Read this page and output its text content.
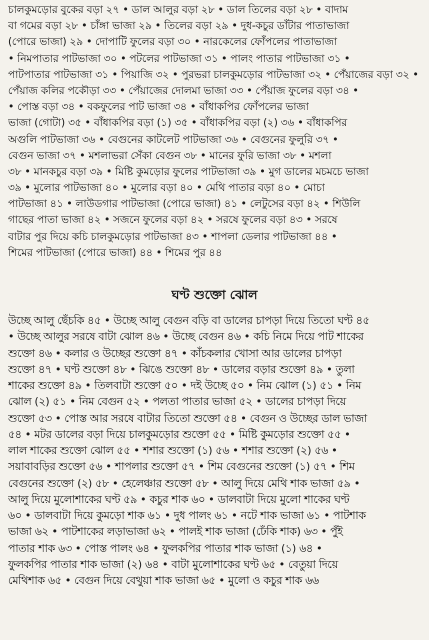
চালকুমড়োর বুকের বড়া ২৭ • ডাল আলুর বড়া ২৮ • ডাল তিলের বড়া ২৮ • বাদাম
বা গমের বড়া ২৮ • চাঁঙ্গা ভাজা ২৯ • তিলের বড়া ২৯ • দুধ-কচুর ডাঁটার পাতাভাজা
(পোরে ভাজা) ২৯ • দোপাটি ফুলের বড়া ৩০ • নারকেলের ফোঁপলের পাতাভাজা
• নিমপাতার পাটভাজা ৩০ • পটলের পাটভাজা ৩১ • পালং পাতার পাটভাজা ৩১ •
পাটপাতার পাটভাজা ৩১ • পিয়াজি ৩২ • পুরভরা চালকুমড়োর পাটভাজা ৩২ • পেঁয়াজের বড়া ৩২ •
পেঁয়াজ কলির পকৌড়া ৩৩ • পেঁয়াজের দোলমা ভাজা ৩৩ • পেঁয়াজ ফুলের বড়া ৩৪ •
• পোস্ত বড়া ৩৪ • বকফুলের পাট ভাজা ৩৪ • বাঁধাকপির ফোঁপলের ভাজা
ভাজা (গোটা) ৩৫ • বাঁধাকপির বড়া (১) ৩৫ • বাঁধাকপির বড়া (২) ৩৬ • বাঁধাকপির
অগুলি পাটভাজা ৩৬ • বেগুনের কাটলেট পাটভাজা ৩৬ • বেগুনের ফুলুরি ৩৭ •
বেগুন ভাজা ৩৭ • মশলাভরা সেঁকা বেগুন ৩৮ • মানের ফুরি ভাজা ৩৮ • মশলা
৩৮ • মানকচুর বড়া ৩৯ • মিষ্টি কুমড়োর ফুলের পাটভাজা ৩৯ • মুগ ডালের মচমচে ভাজা
৩৯ • মুলোর পাটভাজা ৪০ • মুলোর বড়া ৪০ • মেথি পাতার বড়া ৪০ • মোচা
পাটভাজা ৪১ • লাউডগার পাটভাজা (পোরে ভাজা) ৪১ • লেটুসের বড়া ৪২ • শিউলি
গাছের পাতা ভাজা ৪২ • সজনে ফুলের বড়া ৪২ • সরষে ফুলের বড়া ৪৩ • সরষে
বাটার পুর দিয়ে কচি চালকুমড়োর পাটভাজা ৪৩ • শাপলা ডেলার পাটভাজা ৪৪ •
শিমের পাটভাজা (পোরে ভাজা) ৪৪ • শিমের পুর ৪৪
ঘণ্ট শুক্তো ঝোল
উচ্ছে আলু ছেঁচকি ৪৫ • উচ্ছে আলু বেগুন বড়ি বা ডালের চাপড়া দিয়ে তিতো ঘণ্ট ৪৫
• উচ্ছে আলুর সরষে বাটা ঝোল ৪৬ • উচ্ছে বেগুন ৪৬ • কচি নিমে দিয়ে পাট শাকের
শুক্তো ৪৬ • কলার ও উচ্ছের শুক্তো ৪৭ • কাঁচকলার খোসা আর ডালের চাপড়া
শুক্তো ৪৭ • ঘণ্ট শুক্তো ৪৮ • ঝিঙে শুক্তো ৪৮ • ডালের বড়ার শুক্তো ৪৯ • তুলা
শাকের শুক্তো ৪৯ • তিলবাটা শুক্তো ৫০ • দই উচ্ছে ৫০ • নিম ঝোল (১) ৫১ • নিম
ঝোল (২) ৫১ • নিম বেগুন ৫২ • পলতা পাতার ভাজা ৫২ • ডালের চাপড়া দিয়ে
শুক্তো ৫৩ • পোস্ত আর সরষে বাটার তিতো শুক্তো ৫৪ • বেগুন ও উচ্ছের ডাল ভাজা
৫৪ • মটর ডালের বড়া দিয়ে চালকুমড়োর শুক্তো ৫৫ • মিষ্টি কুমড়োর শুক্তো ৫৫ •
লাল শাকের শুক্তো ঝোল ৫৫ • শশার শুক্তো (১) ৫৬ • শশার শুক্তো (২) ৫৬ •
সয়াবাবড়ির শুক্তো ৫৬ • শাপলার শুক্তো ৫৭ • শিম বেগুনের শুক্তো (১) ৫৭ • শিম
বেগুনের শুক্তো (২) ৫৮ • হেলেঞ্চার শুক্তো ৫৮ • আলু দিয়ে মেথি শাক ভাজা ৫৯ •
আলু দিয়ে মুলোশাকের ঘণ্ট ৫৯ • কচুর শাক ৬০ • ডালবাটা দিয়ে মুলো শাকের ঘণ্ট
৬০ • ডালবাটা দিয়ে কুমড়ো শাক ৬১ • দুধ পালং ৬১ • নটে শাক ভাজা ৬১ • পাটশাক
ভাজা ৬২ • পাটশাকের লড়াভাজা ৬২ • পালই শাক ভাজা (ঢেঁকি শাক) ৬৩ • পুঁই
পাতার শাক ৬৩ • পোস্ত পালং ৬৪ • ফুলকপির পাতার শাক ভাজা (১) ৬৪ •
ফুলকপির পাতার শাক ভাজা (২) ৬৪ • বাটা মুলোশাকের ঘণ্ট ৬৫ • বেতুয়া দিয়ে
মেথিশাক ৬৫ • বেগুন দিয়ে বেথুয়া শাক ভাজা ৬৫ • মুলো ও কচুর শাক ৬৬
